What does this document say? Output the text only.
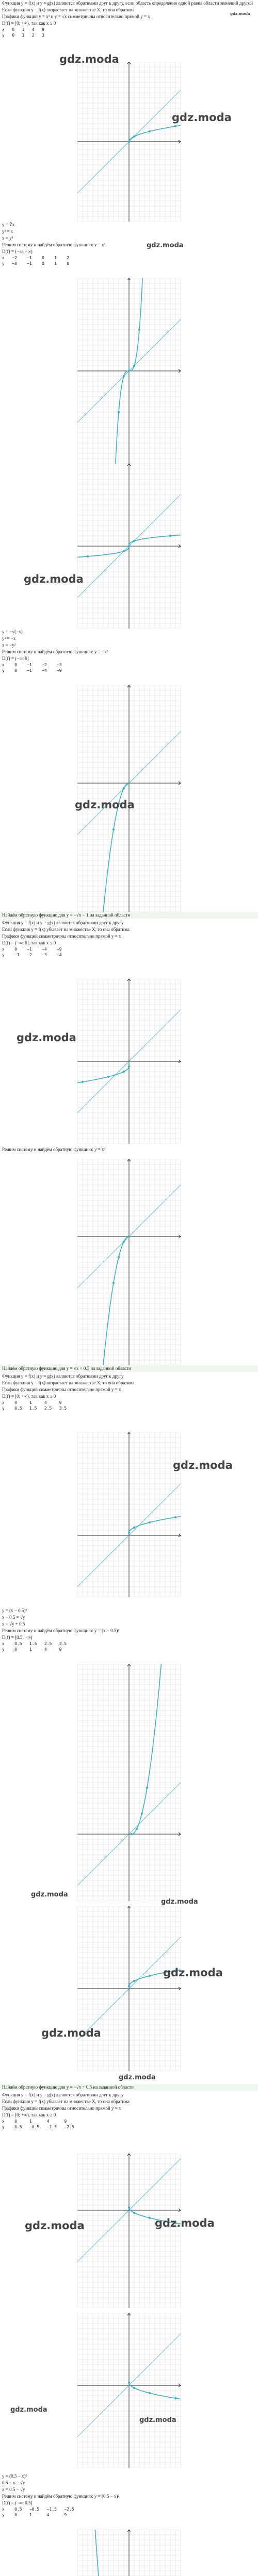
Функция y = f(x) и y = g(x) являются обратными друг к другу, если область определения одной равна области значений другой

Если функция y = f(x) возрастает на множестве X, то она обратима

Графики функций y = x² и y = √x симметричны относительно прямой y = x

D(f) = [0; +∞), так как x ≥ 0

x   0   1   4   9
y   0   1   2   3
gdz.moda
gdz.moda
gdz.moda

y = ∛x

y³ = x

x = y³

Решим систему и найдём обратную функцию: y = x³

D(f) = (−∞; +∞)

x   −2    −1    0    1    2
y   −8    −1    0    1    8
gdz.moda
gdz.moda

y = −√(−x)

y² = −x

x = −y²

Решим систему и найдём обратную функцию: y = −x²

D(f) = (−∞; 0]

x    0    −1    −2    −3
y    0    −1    −4    −9
gdz.moda

Найдём обратную функцию для y = −√x − 1 на заданной области

Функция y = f(x) и y = g(x) являются обратными друг к другу

Если функция y = f(x) убывает на множестве X, то она обратима

Графики функций симметричны относительно прямой y = x

D(f) = (−∞; 0], так как x ≤ 0

x    0    −1    −4    −9
y    −1   −2    −3    −4
gdz.moda

Решим систему и найдём обратную функцию: y = x³

Найдём обратную функцию для y = √x + 0.5 на заданной области

Функция y = f(x) и y = g(x) являются обратными друг к другу

Если функция y = f(x) возрастает на множестве X, то она обратима

Графики функций симметричны относительно прямой y = x

D(f) = [0; +∞), так как x ≥ 0

x    0     1     4     9
y    0.5   1.5   2.5   3.5
gdz.moda

y = (x − 0.5)²

x − 0.5 = √y

x = √y + 0.5

Решим систему и найдём обратную функцию: y = (x − 0.5)²

D(f) = [0.5; +∞)

x    0.5   1.5   2.5   3.5
y    0     1     4     9
gdz.moda
gdz.moda
gdz.moda
gdz.moda
gdz.moda

Найдём обратную функцию для y = −√x + 0.5 на заданной области

Функция y = f(x) и y = g(x) являются обратными друг к другу

Если функция y = f(x) убывает на множестве X, то она обратима

Графики функций симметричны относительно прямой y = x

D(f) = [0; +∞), так как x ≥ 0

x    0     1      4      9
y    0.5   −0.5   −1.5   −2.5
gdz.moda
gdz.moda
gdz.moda
gdz.moda

y = (0.5 − x)²

0.5 − x = √y

x = 0.5 − √y

Решим систему и найдём обратную функцию: y = (0.5 − x)²

D(f) = (−∞; 0.5]

x    0.5   −0.5   −1.5   −2.5
y    0     1      4      9
